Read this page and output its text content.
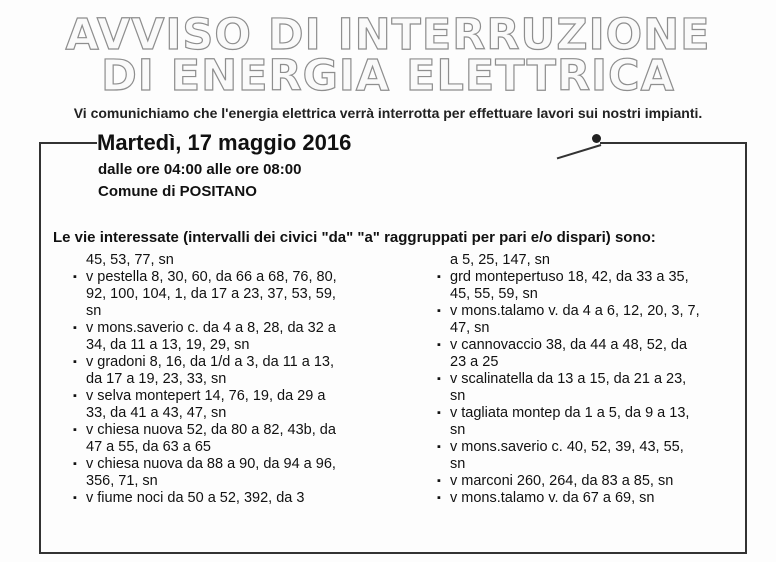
AVVISO DI INTERRUZIONE
DI ENERGIA ELETTRICA
Vi comunichiamo che l'energia elettrica verrà interrotta per effettuare lavori sui nostri impianti.
Martedì, 17 maggio 2016
dalle ore 04:00 alle ore 08:00
Comune di POSITANO
Le vie interessate (intervalli dei civici "da" "a" raggruppati per pari e/o dispari) sono:
45, 53, 77, sn
▪ v pestella 8, 30, 60, da 66 a 68, 76, 80,
92, 100, 104, 1, da 17 a 23, 37, 53, 59,
sn
▪ v mons.saverio c. da 4 a 8, 28, da 32 a
34, da 11 a 13, 19, 29, sn
▪ v gradoni 8, 16, da 1/d a 3, da 11 a 13,
da 17 a 19, 23, 33, sn
▪ v selva montepert 14, 76, 19, da 29 a
33, da 41 a 43, 47, sn
▪ v chiesa nuova 52, da 80 a 82, 43b, da
47 a 55, da 63 a 65
▪ v chiesa nuova da 88 a 90, da 94 a 96,
356, 71, sn
▪ v fiume noci da 50 a 52, 392, da 3
a 5, 25, 147, sn
▪ grd montepertuso 18, 42, da 33 a 35,
45, 55, 59, sn
▪ v mons.talamo v. da 4 a 6, 12, 20, 3, 7,
47, sn
▪ v cannovaccio 38, da 44 a 48, 52, da
23 a 25
▪ v scalinatella da 13 a 15, da 21 a 23,
sn
▪ v tagliata montep da 1 a 5, da 9 a 13,
sn
▪ v mons.saverio c. 40, 52, 39, 43, 55,
sn
▪ v marconi 260, 264, da 83 a 85, sn
▪ v mons.talamo v. da 67 a 69, sn
